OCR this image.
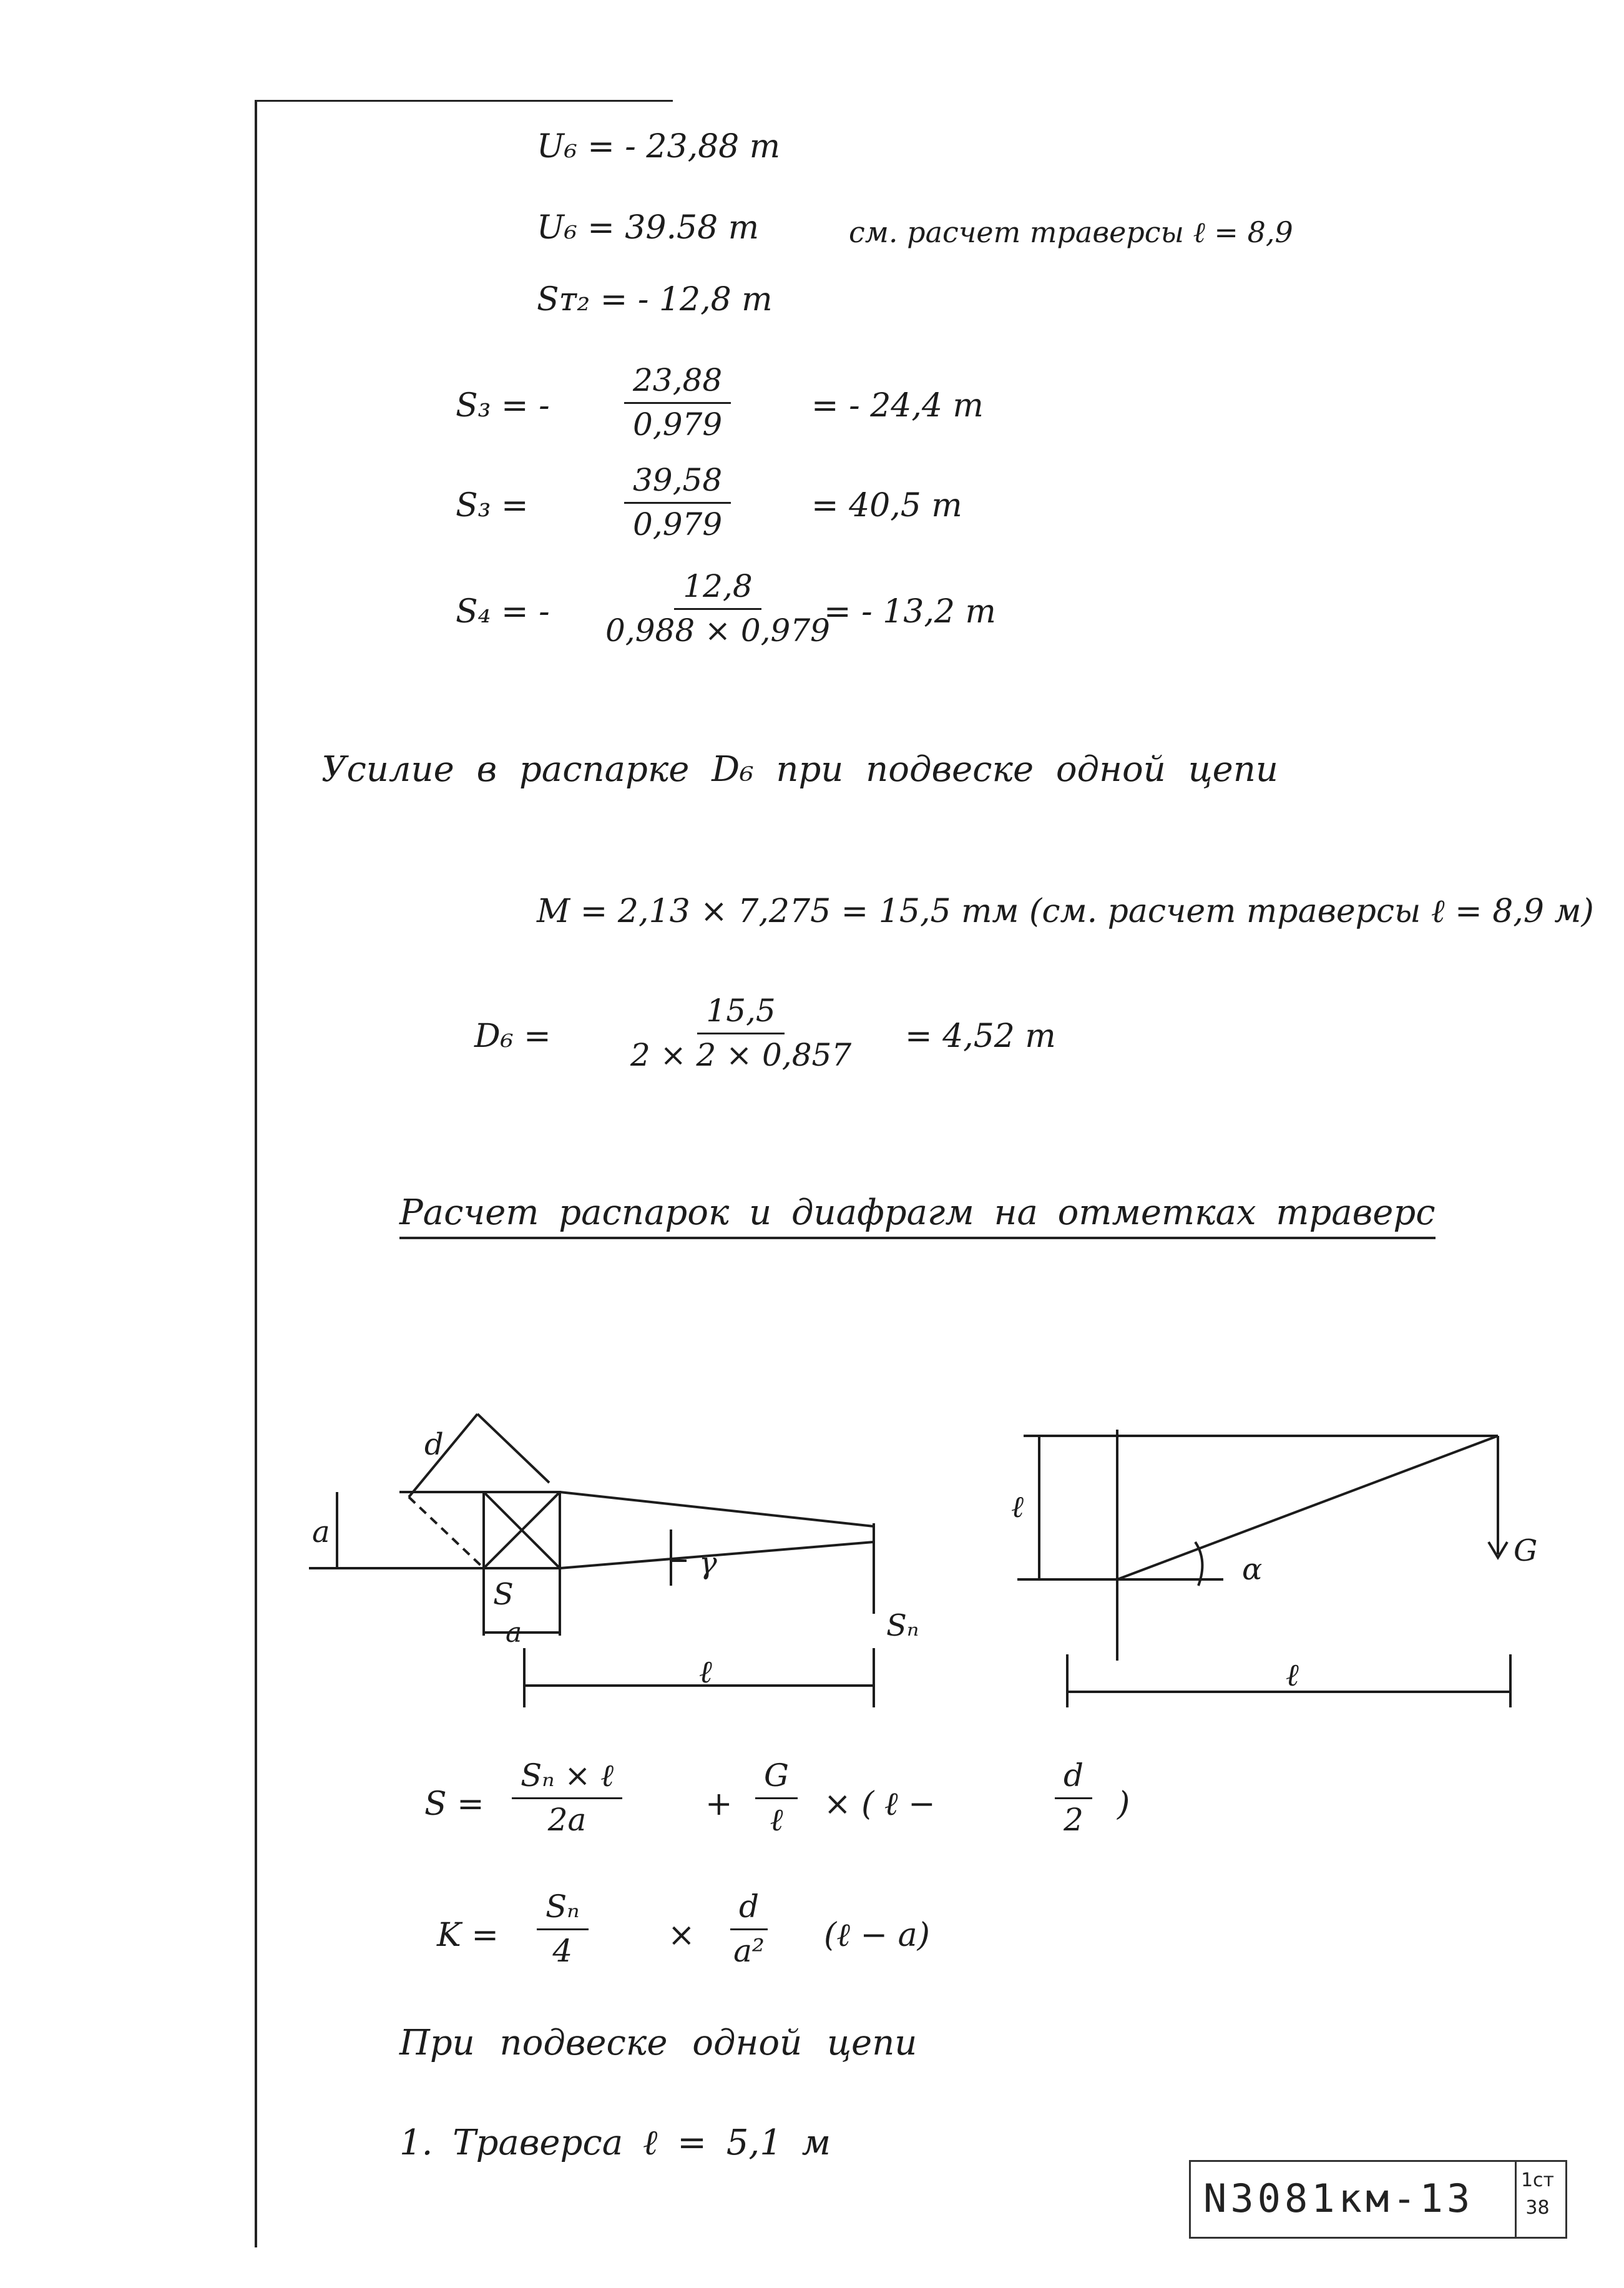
U₆ = - 23,88 т
U₆ = 39.58 т	см. расчет траверсы ℓ = 8,9
Sᴛ₂ = - 12,8 т
S₃ = - $\frac{23,88}{0,979}$ = - 24,4 т
S₃ =	$\frac{39,58}{0,979} = 40,5$ т
S₄ = - $\frac{12,8}{0,988 \times 0,979}$
= - 13,2 т
Усилие в распарке D₆ при подвеске одной цепи
M = 2,13 × 7,275 = 15,5 тм (см. расчет траверсы ℓ = 8,9 м)
D₆ =	$\frac{15,5}{2 \times 2 \times 0,857} = 4,52$ т
Расчет распарок и диафрагм на отметках траверс
d
a
S
a
ℓ
γ
Sₙ
ℓ
α
G
ℓ
S =
Sₙ × ℓ
2a	+
G
ℓ × ( ℓ −	$\frac{d}{2}$ )
$K = \frac{\text{Sₙ}}{4} \times \frac{d}{\text{a²}}$ (ℓ − a)
При подвеске одной цепи
1. Траверса ℓ = 5,1 м
N3081км-13	1ст
38
